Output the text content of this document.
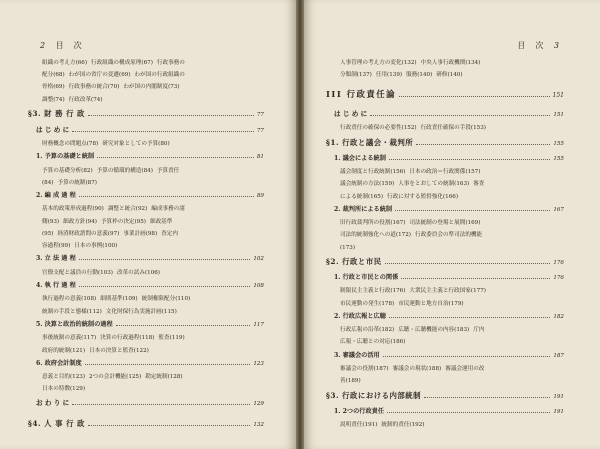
2 目　次
組織の考え方(66) 行政組織の構成原理(67) 行政事務の
配分(68) わが国の省庁の変遷(69) わが国の行政組織の
骨格(69) 行政事務の統合(70) わが国の内閣制度(73)
調整(74) 行政改革(74)
§3. 財 務 行 政	77
は じ め に	77
財務概念の問題点(78) 研究対象としての予算(80)
1. 予算の基礎と統制	81
予算の基礎分析(82) 予算の循環的構造(84) 予算責任
(84) 予算の統制(87)
2. 編 成 過 程	89
基本的政策形成過程(90) 調整と統合(92) 編成事務の諸
側(93) 細政方針(94) 予算枠の決定(95) 細政基準
(95) 経済財政諮問の意義(97) 事業計画(98) 査定内
容過程(99) 日本の事例(100)
3. 立 法 過 程	102
官僚支配と議員の行動(103) 改革の試み(106)
4. 執 行 過 程	108
執行過程の意義(108) 細則基準(109) 統制権限配分(110)
統制の手段と態様(112) 文化財保行為実施計画(115)
5. 決算と政治的統制の過程	117
事後統制の意義(117) 決算の行政過程(118) 監査(119)
政府的統制(121) 日本の決算と監査(122)
6. 政府会計制度	123
意義と目的(123) 2つの会計機能(125) 勘定統制(128)
日本の特徴(129)
お わ り に	129
§4. 人 事 行 政	132
目　次 3
人事管理の考え方の変化(132) 中央人事行政機関(134)
分類制(137) 任用(139) 服務(140) 研修(140)
III 行政責任論	151
は じ め に	151
行政責任の確保の必要性(152) 行政責任確保の手段(153)
§1. 行政と議会・裁判所	155
1. 議会による統制	155
議会制度と行政統制(156) 日本の政治＝行政関係(157)
議会統制の方法(159) 人事をとおしての統制(163) 審査
による統制(165) 行政に対する監督強化(166)
2. 裁判所による統制	167
旧行政裁判所の役割(167) 司法統制の登場と展開(169)
司法的統制強化への道(172) 行政委員会の準司法的機能
(173)
§2. 行政と市民	176
1. 行政と市民との関係	176
制限民主主義と行政(176) 大衆民主主義と行政国家(177)
市民運動の発生(178) 市民運動と地方自治(179)
2. 行政広報と広聴	182
行政広報の沿革(182) 広聴・広聴機能の内容(183) 庁内
広報・広聴との対応(186)
3. 審議会の活用	187
審議会の役割(187) 審議会の現状(188) 審議会運用の改
善(189)
§3. 行政における内部統制	191
1. 2つの行政責任	191
説明責任(191) 統制的責任(192)
